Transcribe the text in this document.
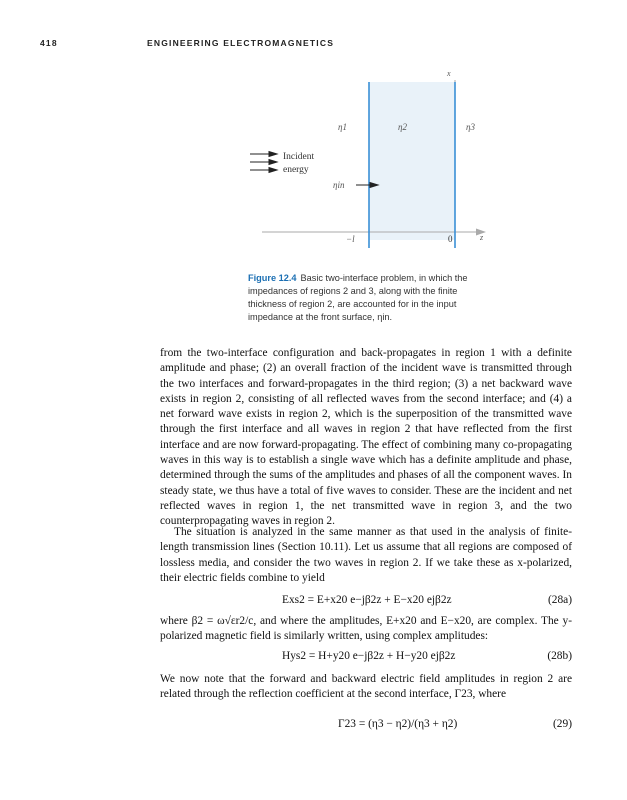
418	ENGINEERING ELECTROMAGNETICS
x
z
η1	η2	η3
Incident
energy
ηin
−l	0
Figure 12.4 Basic two-interface problem, in which the impedances of regions 2 and 3, along with the finite thickness of region 2, are accounted for in the input impedance at the front surface, ηin.
from the two-interface configuration and back-propagates in region 1 with a definite amplitude and phase; (2) an overall fraction of the incident wave is transmitted through the two interfaces and forward-propagates in the third region; (3) a net backward wave exists in region 2, consisting of all reflected waves from the second interface; and (4) a net forward wave exists in region 2, which is the superposition of the transmitted wave through the first interface and all waves in region 2 that have reflected from the first interface and are now forward-propagating. The effect of combining many co-propagating waves in this way is to establish a single wave which has a definite amplitude and phase, determined through the sums of the amplitudes and phases of all the component waves. In steady state, we thus have a total of five waves to consider. These are the incident and net reflected waves in region 1, the net transmitted wave in region 3, and the two counterpropagating waves in region 2.
The situation is analyzed in the same manner as that used in the analysis of finite-length transmission lines (Section 10.11). Let us assume that all regions are composed of lossless media, and consider the two waves in region 2. If we take these as x-polarized, their electric fields combine to yield
Exs2 = E+x20 e−jβ2z + E−x20 ejβ2z	(28a)
where β2 = ω√εr2/c, and where the amplitudes, E+x20 and E−x20, are complex. The y-polarized magnetic field is similarly written, using complex amplitudes:
Hys2 = H+y20 e−jβ2z + H−y20 ejβ2z	(28b)
We now note that the forward and backward electric field amplitudes in region 2 are related through the reflection coefficient at the second interface, Γ23, where
Γ23 = (η3 − η2)/(η3 + η2)	(29)
